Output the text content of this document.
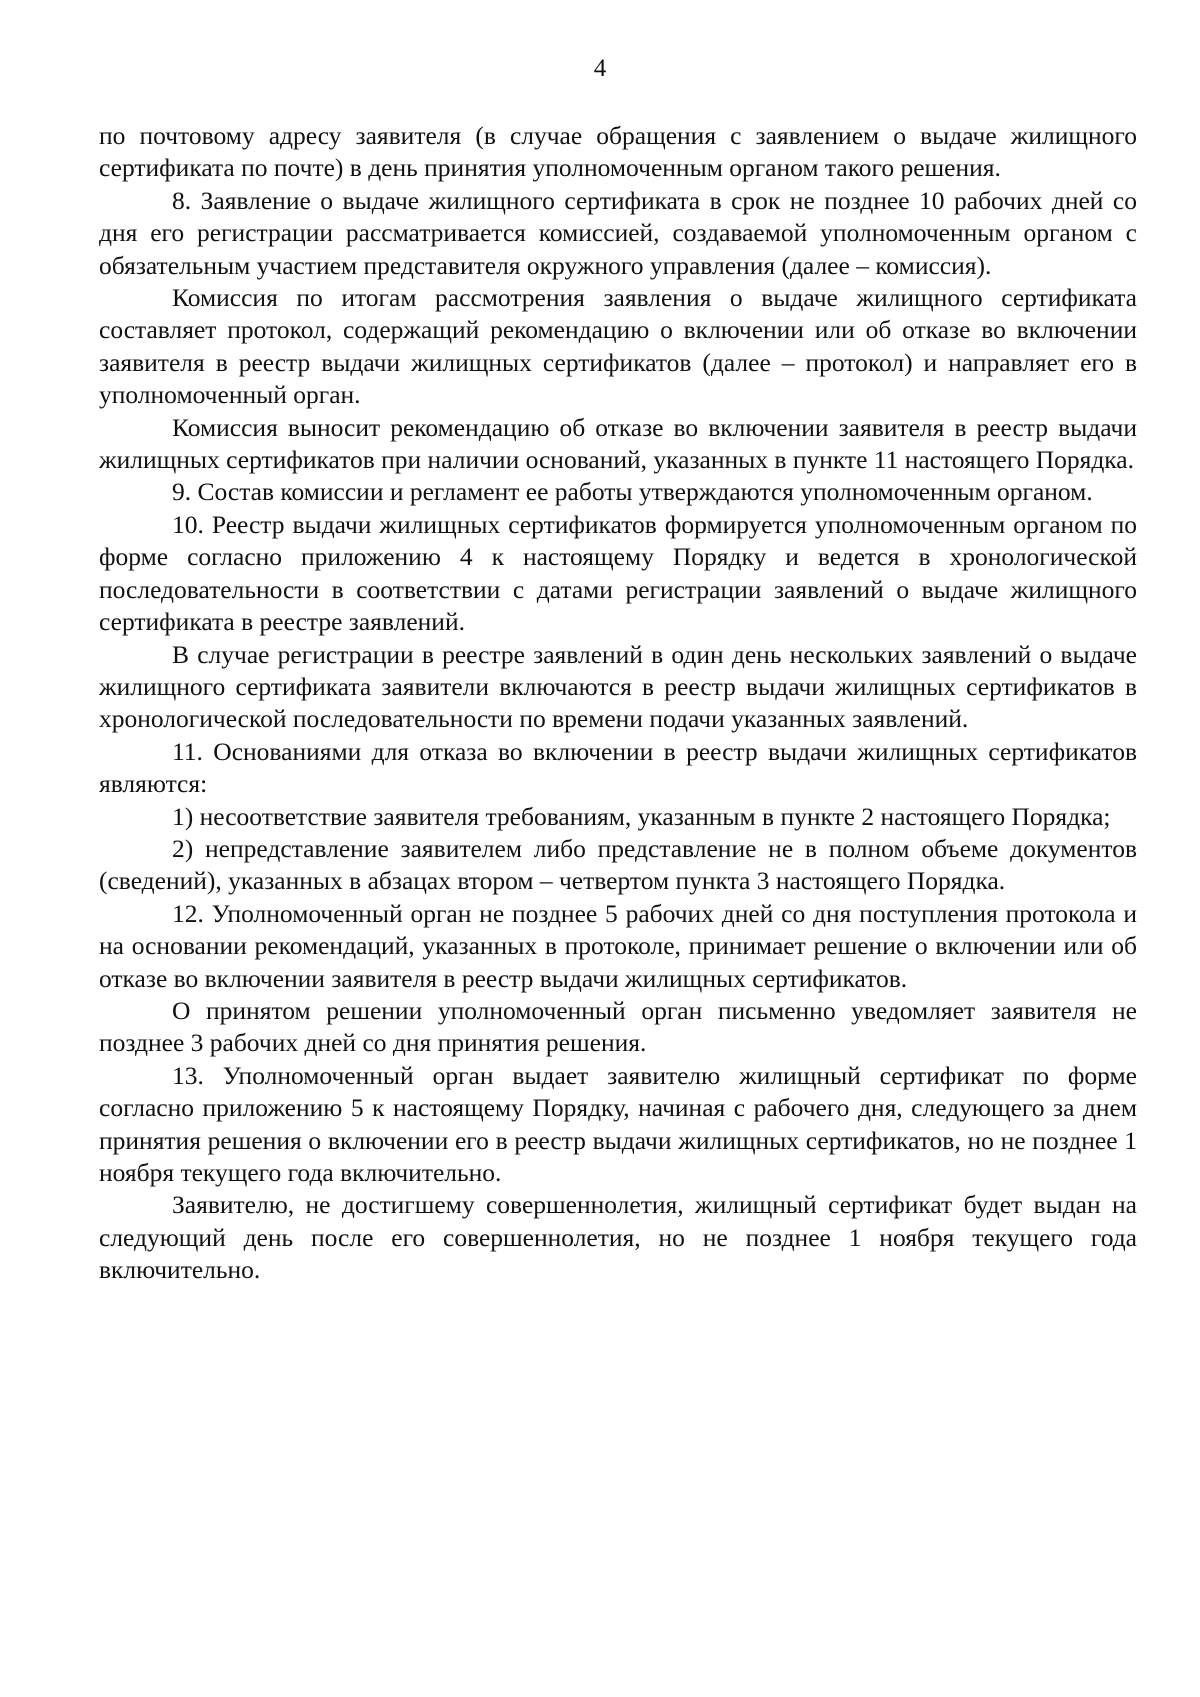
4

по почтовому адресу заявителя (в случае обращения с заявлением о выдаче жилищного сертификата по почте) в день принятия уполномоченным органом такого решения.

8. Заявление о выдаче жилищного сертификата в срок не позднее 10 рабочих дней со дня его регистрации рассматривается комиссией, создаваемой уполномоченным органом с обязательным участием представителя окружного управления (далее – комиссия).

Комиссия по итогам рассмотрения заявления о выдаче жилищного сертификата составляет протокол, содержащий рекомендацию о включении или об отказе во включении заявителя в реестр выдачи жилищных сертификатов (далее – протокол) и направляет его в уполномоченный орган.

Комиссия выносит рекомендацию об отказе во включении заявителя в реестр выдачи жилищных сертификатов при наличии оснований, указанных в пункте 11 настоящего Порядка.

9. Состав комиссии и регламент ее работы утверждаются уполномоченным органом.

10. Реестр выдачи жилищных сертификатов формируется уполномоченным органом по форме согласно приложению 4 к настоящему Порядку и ведется в хронологической последовательности в соответствии с датами регистрации заявлений о выдаче жилищного сертификата в реестре заявлений.

В случае регистрации в реестре заявлений в один день нескольких заявлений о выдаче жилищного сертификата заявители включаются в реестр выдачи жилищных сертификатов в хронологической последовательности по времени подачи указанных заявлений.

11. Основаниями для отказа во включении в реестр выдачи жилищных сертификатов являются:

1) несоответствие заявителя требованиям, указанным в пункте 2 настоящего Порядка;

2) непредставление заявителем либо представление не в полном объеме документов (сведений), указанных в абзацах втором – четвертом пункта 3 настоящего Порядка.

12. Уполномоченный орган не позднее 5 рабочих дней со дня поступления протокола и на основании рекомендаций, указанных в протоколе, принимает решение о включении или об отказе во включении заявителя в реестр выдачи жилищных сертификатов.

О принятом решении уполномоченный орган письменно уведомляет заявителя не позднее 3 рабочих дней со дня принятия решения.

13. Уполномоченный орган выдает заявителю жилищный сертификат по форме согласно приложению 5 к настоящему Порядку, начиная с рабочего дня, следующего за днем принятия решения о включении его в реестр выдачи жилищных сертификатов, но не позднее 1 ноября текущего года включительно.

Заявителю, не достигшему совершеннолетия, жилищный сертификат будет выдан на следующий день после его совершеннолетия, но не позднее 1 ноября текущего года включительно.
